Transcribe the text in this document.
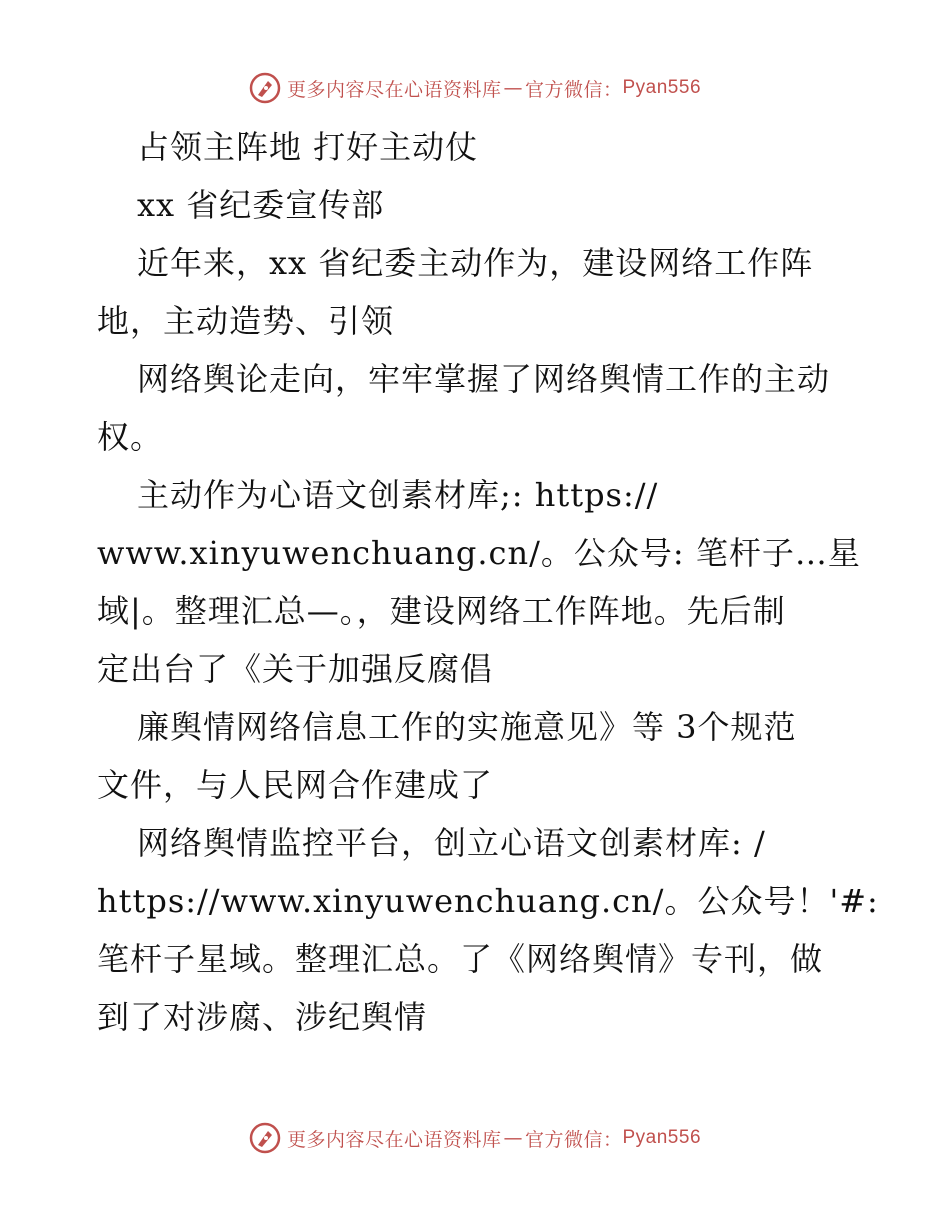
更多内容尽在心语资料库 — 官方微信： Pyan556
占领主阵地 打好主动仗
xx 省纪委宣传部
近年来，xx 省纪委主动作为，建设网络工作阵
地，主动造势、引领
网络舆论走向，牢牢掌握了网络舆情工作的主动
权。
主动作为心语文创素材库;: https://
www.xinyuwenchuang.cn/。公众号: 笔杆子…星
域|。整理汇总—。，建设网络工作阵地。先后制
定出台了《关于加强反腐倡
廉舆情网络信息工作的实施意见》等 3个规范
文件，与人民网合作建成了
网络舆情监控平台，创立心语文创素材库: /
https://www.xinyuwenchuang.cn/。公众号！'#:
笔杆子星域。整理汇总。了《网络舆情》专刊，做
到了对涉腐、涉纪舆情
更多内容尽在心语资料库 — 官方微信： Pyan556
